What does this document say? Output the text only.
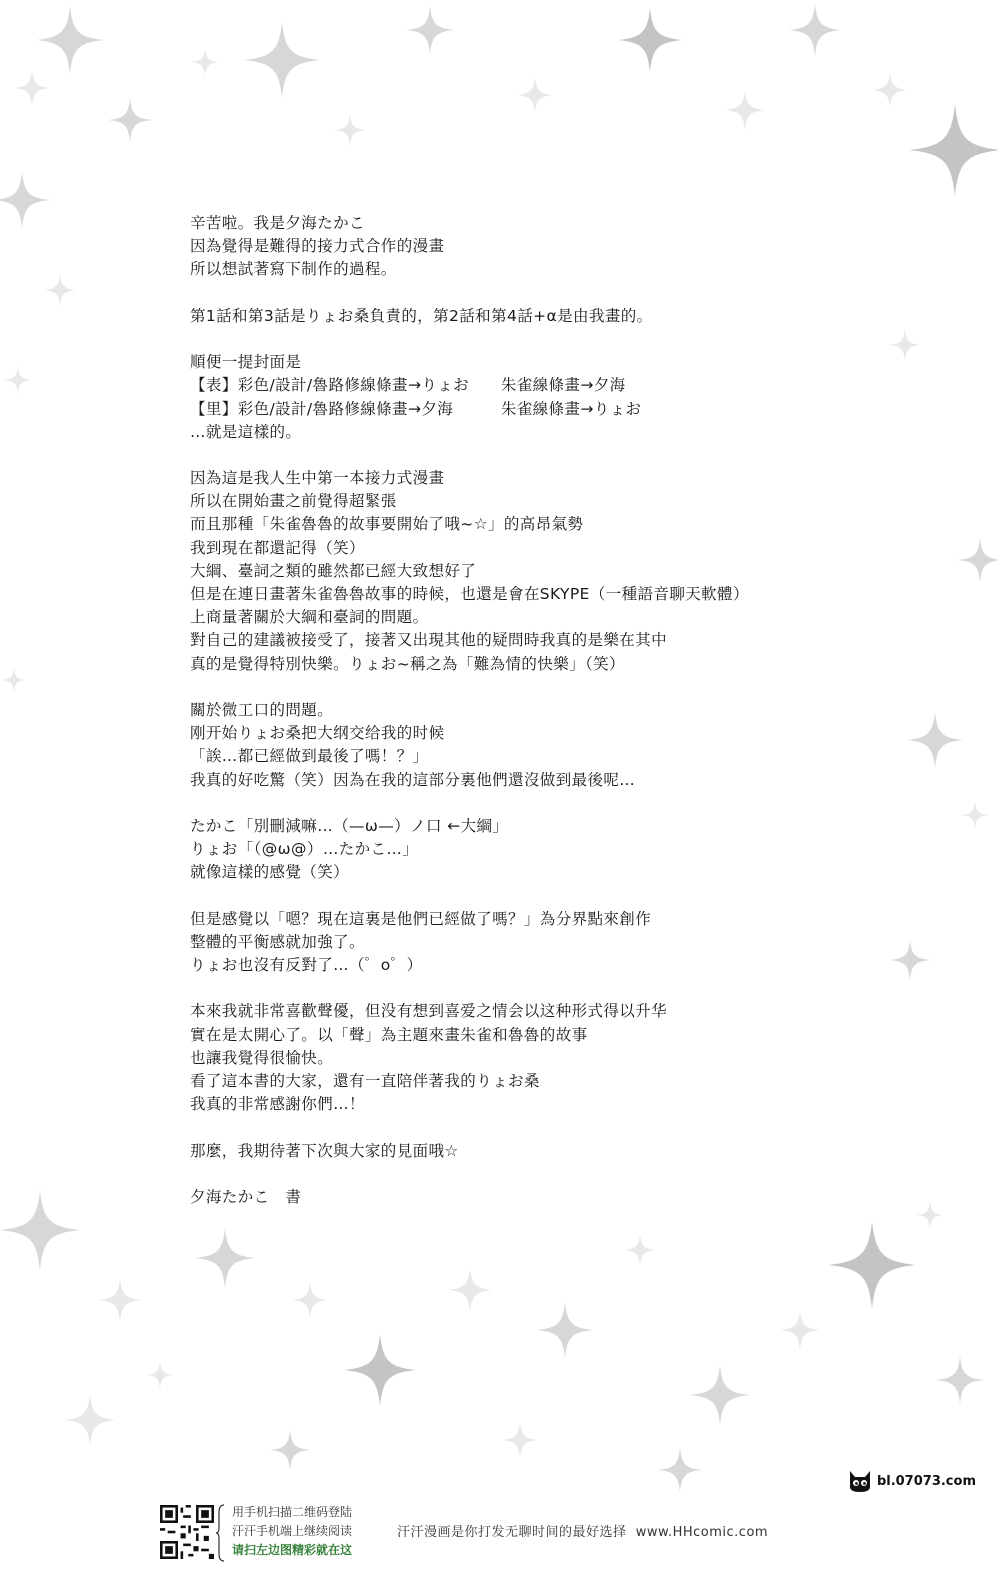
辛苦啦。我是夕海たかこ
因為覺得是難得的接力式合作的漫畫
所以想試著寫下制作的過程。
第1話和第3話是りょお桑負責的，第2話和第4話+α是由我畫的。
順便一提封面是
【表】彩色/設計/魯路修線條畫→りょお　　朱雀線條畫→夕海
【里】彩色/設計/魯路修線條畫→夕海　　　朱雀線條畫→りょお
…就是這樣的。
因為這是我人生中第一本接力式漫畫
所以在開始畫之前覺得超緊張
而且那種「朱雀魯魯的故事要開始了哦~☆」的高昂氣勢
我到現在都還記得（笑）
大綱、臺詞之類的雖然都已經大致想好了
但是在連日畫著朱雀魯魯故事的時候，也還是會在SKYPE（一種語音聊天軟體）
上商量著關於大綱和臺詞的問題。
對自己的建議被接受了，接著又出現其他的疑問時我真的是樂在其中
真的是覺得特別快樂。りょお~稱之為「難為情的快樂」（笑）
關於微工口的問題。
刚开始りょお桑把大纲交给我的时候
「誒…都已經做到最後了嗎！？」
我真的好吃驚（笑）因為在我的這部分裏他們還沒做到最後呢…
たかこ「別刪減嘛…（—ω—）ノ口 ←大綱」
りょお「（@ω@）…たかこ…」
就像這樣的感覺（笑）
但是感覺以「嗯？現在這裏是他們已經做了嗎？」為分界點來創作
整體的平衡感就加強了。
りょお也沒有反對了…（゜o゜）
本來我就非常喜歡聲優，但没有想到喜爱之情会以这种形式得以升华
實在是太開心了。以「聲」為主題來畫朱雀和魯魯的故事
也讓我覺得很愉快。
看了這本書的大家，還有一直陪伴著我的りょお桑
我真的非常感謝你們…！
那麼，我期待著下次與大家的見面哦☆
夕海たかこ　書
bl.07073.com
用手机扫描二维码登陆
汗汗手机端上继续阅读
请扫左边图精彩就在这
汗汗漫画是你打发无聊时间的最好选择  www.HHcomic.com
